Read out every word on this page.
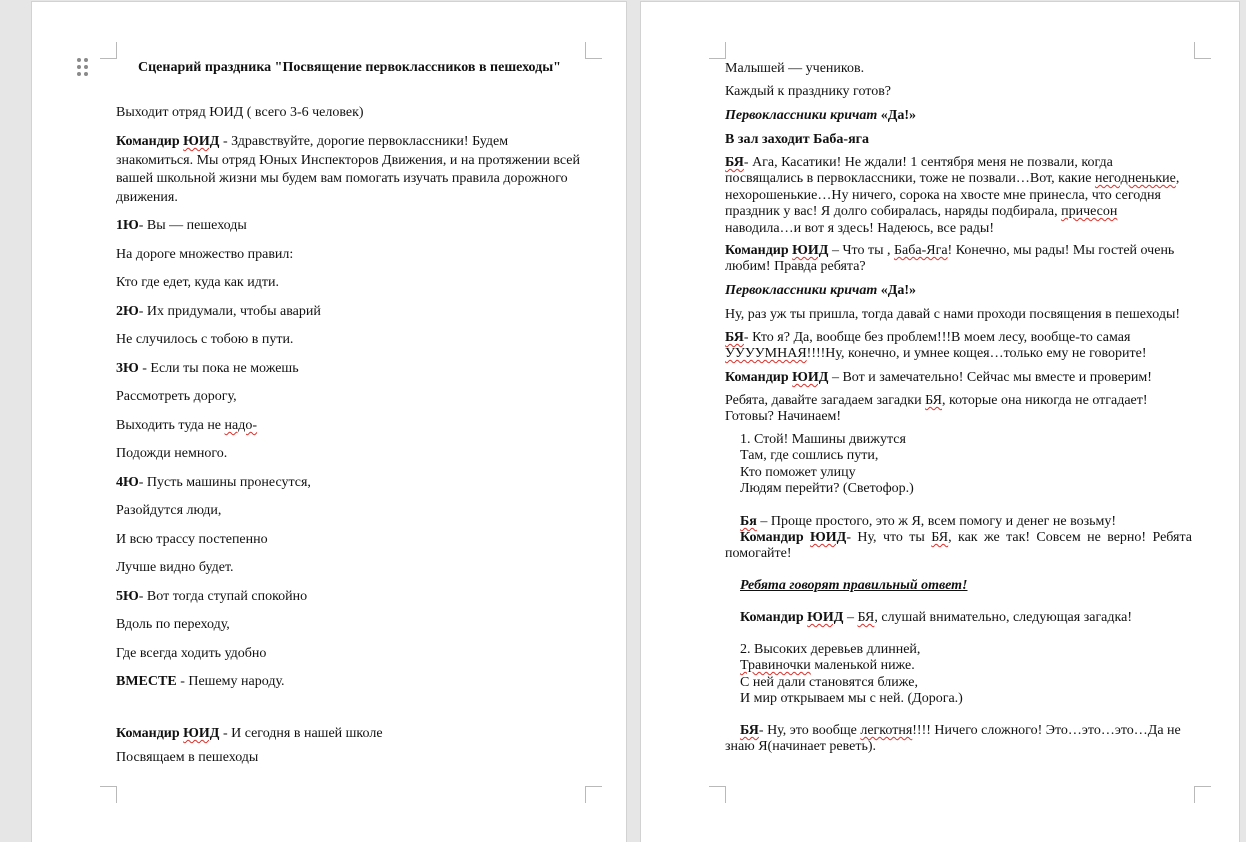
Сценарий праздника "Посвящение первоклассников в пешеходы"
Выходит отряд ЮИД ( всего 3-6 человек)
Командир ЮИД - Здравствуйте, дорогие первоклассники! Будем
знакомиться. Мы отряд Юных Инспекторов Движения, и на протяжении всей
вашей школьной жизни мы будем вам помогать изучать правила дорожного
движения.
1Ю- Вы — пешеходы
На дороге множество правил:
Кто где едет, куда как идти.
2Ю- Их придумали, чтобы аварий
Не случилось с тобою в пути.
3Ю - Если ты пока не можешь
Рассмотреть дорогу,
Выходить туда не надо-
Подожди немного.
4Ю- Пусть машины пронесутся,
Разойдутся люди,
И всю трассу постепенно
Лучше видно будет.
5Ю- Вот тогда ступай спокойно
Вдоль по переходу,
Где всегда ходить удобно
ВМЕСТЕ - Пешему народу.
Командир ЮИД - И сегодня в нашей школе
Посвящаем в пешеходы
Малышей — учеников.
Каждый к празднику готов?
Первоклассники кричат «Да!»
В зал заходит Баба-яга
БЯ- Ага, Касатики! Не ждали! 1 сентября меня не позвали, когда
посвящались в первоклассники, тоже не позвали…Вот, какие негодненькие,
нехорошенькие…Ну ничего, сорока на хвосте мне принесла, что сегодня
праздник у вас! Я долго собиралась, наряды подбирала, причесон
наводила…и вот я здесь! Надеюсь, все рады!
Командир ЮИД – Что ты , Баба-Яга! Конечно, мы рады! Мы гостей очень
любим! Правда ребята?
Первоклассники кричат «Да!»
Ну, раз уж ты пришла, тогда давай с нами проходи посвящения в пешеходы!
БЯ- Кто я? Да, вообще без проблем!!!В моем лесу, вообще-то самая
УУУУМНАЯ!!!!Ну, конечно, и умнее кощея…только ему не говорите!
Командир ЮИД – Вот и замечательно! Сейчас мы вместе и проверим!
Ребята, давайте загадаем загадки БЯ, которые она никогда не отгадает!
Готовы? Начинаем!
1. Стой! Машины движутся
Там, где сошлись пути,
Кто поможет улицу
Людям перейти? (Светофор.)
Бя – Проще простого, это ж Я, всем помогу и денег не возьму!
Командир ЮИД- Ну, что ты БЯ, как же так! Совсем не верно! Ребята
помогайте!
Ребята говорят правильный ответ!
Командир ЮИД – БЯ, слушай внимательно, следующая загадка!
2. Высоких деревьев длинней,
Травиночки маленькой ниже.
С ней дали становятся ближе,
И мир открываем мы с ней. (Дорога.)
БЯ- Ну, это вообще легкотня!!!! Ничего сложного! Это…это…это…Да не
знаю Я(начинает реветь).
